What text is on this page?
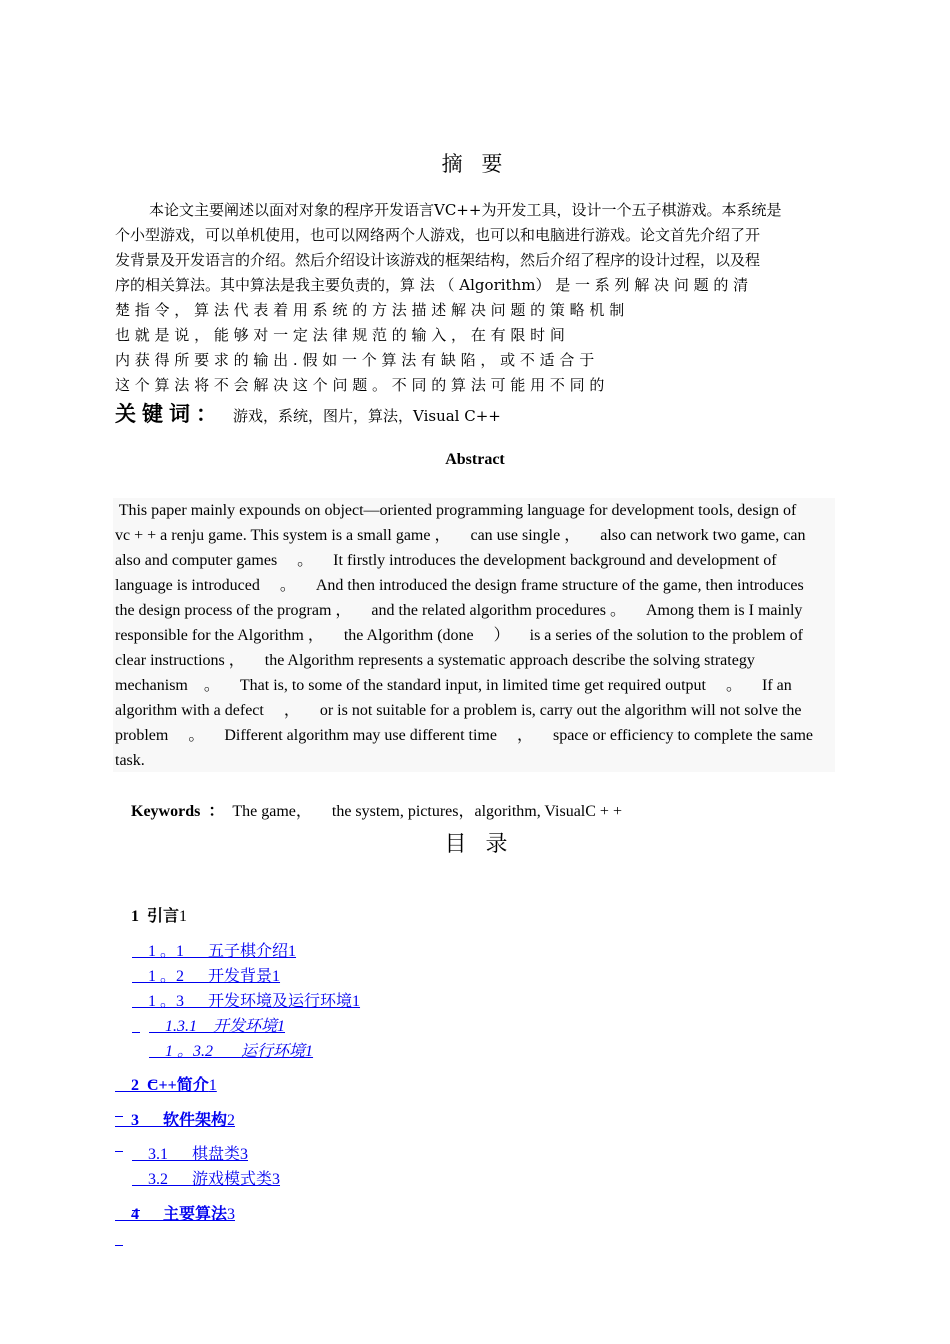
摘 要
本论文主要阐述以面对对象的程序开发语言VC++为开发工具，设计一个五子棋游戏。本系统是
个小型游戏，可以单机使用，也可以网络两个人游戏，也可以和电脑进行游戏。论文首先介绍了开
发背景及开发语言的介绍。然后介绍设计该游戏的框架结构，然后介绍了程序的设计过程，以及程
序的相关算法。其中算法是我主要负责的，算 法 （ Algorithm） 是 一 系 列 解 决 问 题 的 清
楚 指 令 ， 算 法 代 表 着 用 系 统 的 方 法 描 述 解 决 问 题 的 策 略 机 制
也 就 是 说 ， 能 够 对 一 定 法 律 规 范 的 输 入 ， 在 有 限 时 间
内 获 得 所 要 求 的 输 出 . 假 如 一 个 算 法 有 缺 陷 ， 或 不 适 合 于
这 个 算 法 将 不 会 解 决 这 个 问 题 。 不 同 的 算 法 可 能 用 不 同 的
关键词： 游戏，系统，图片，算法，Visual C++
Abstract
This paper mainly expounds on object—oriented programming language for development tools, design of
vc + + a renju game. This system is a small game ，     can use single ，     also can network two game, can
also and computer games     。     It firstly introduces the development background and development of
language is introduced     。     And then introduced the design frame structure of the game, then introduces
the design process of the program ，     and the related algorithm procedures 。     Among them is I mainly
responsible for the Algorithm ，     the Algorithm (done     ）     is a series of the solution to the problem of
clear instructions ，     the Algorithm represents a systematic approach describe the solving strategy
mechanism    。     That is, to some of the standard input, in limited time get required output     。     If an
algorithm with a defect     ，     or is not suitable for a problem is, carry out the algorithm will not solve the
problem     。     Different algorithm may use different time     ，     space or efficiency to complete the same
task.

Keywords  ： The game，     the system, pictures，algorithm, VisualC + +

目 录

1 引言1

1 。1 五子棋介绍1

1 。2 开发背景1

1 。3 开发环境及运行环境1

1.3.1 开发环境1

1 。3.2 运行环境1

2 C++简介1

3 软件架构2

3.1 棋盘类3

3.2 游戏模式类3

4 主要算法3
